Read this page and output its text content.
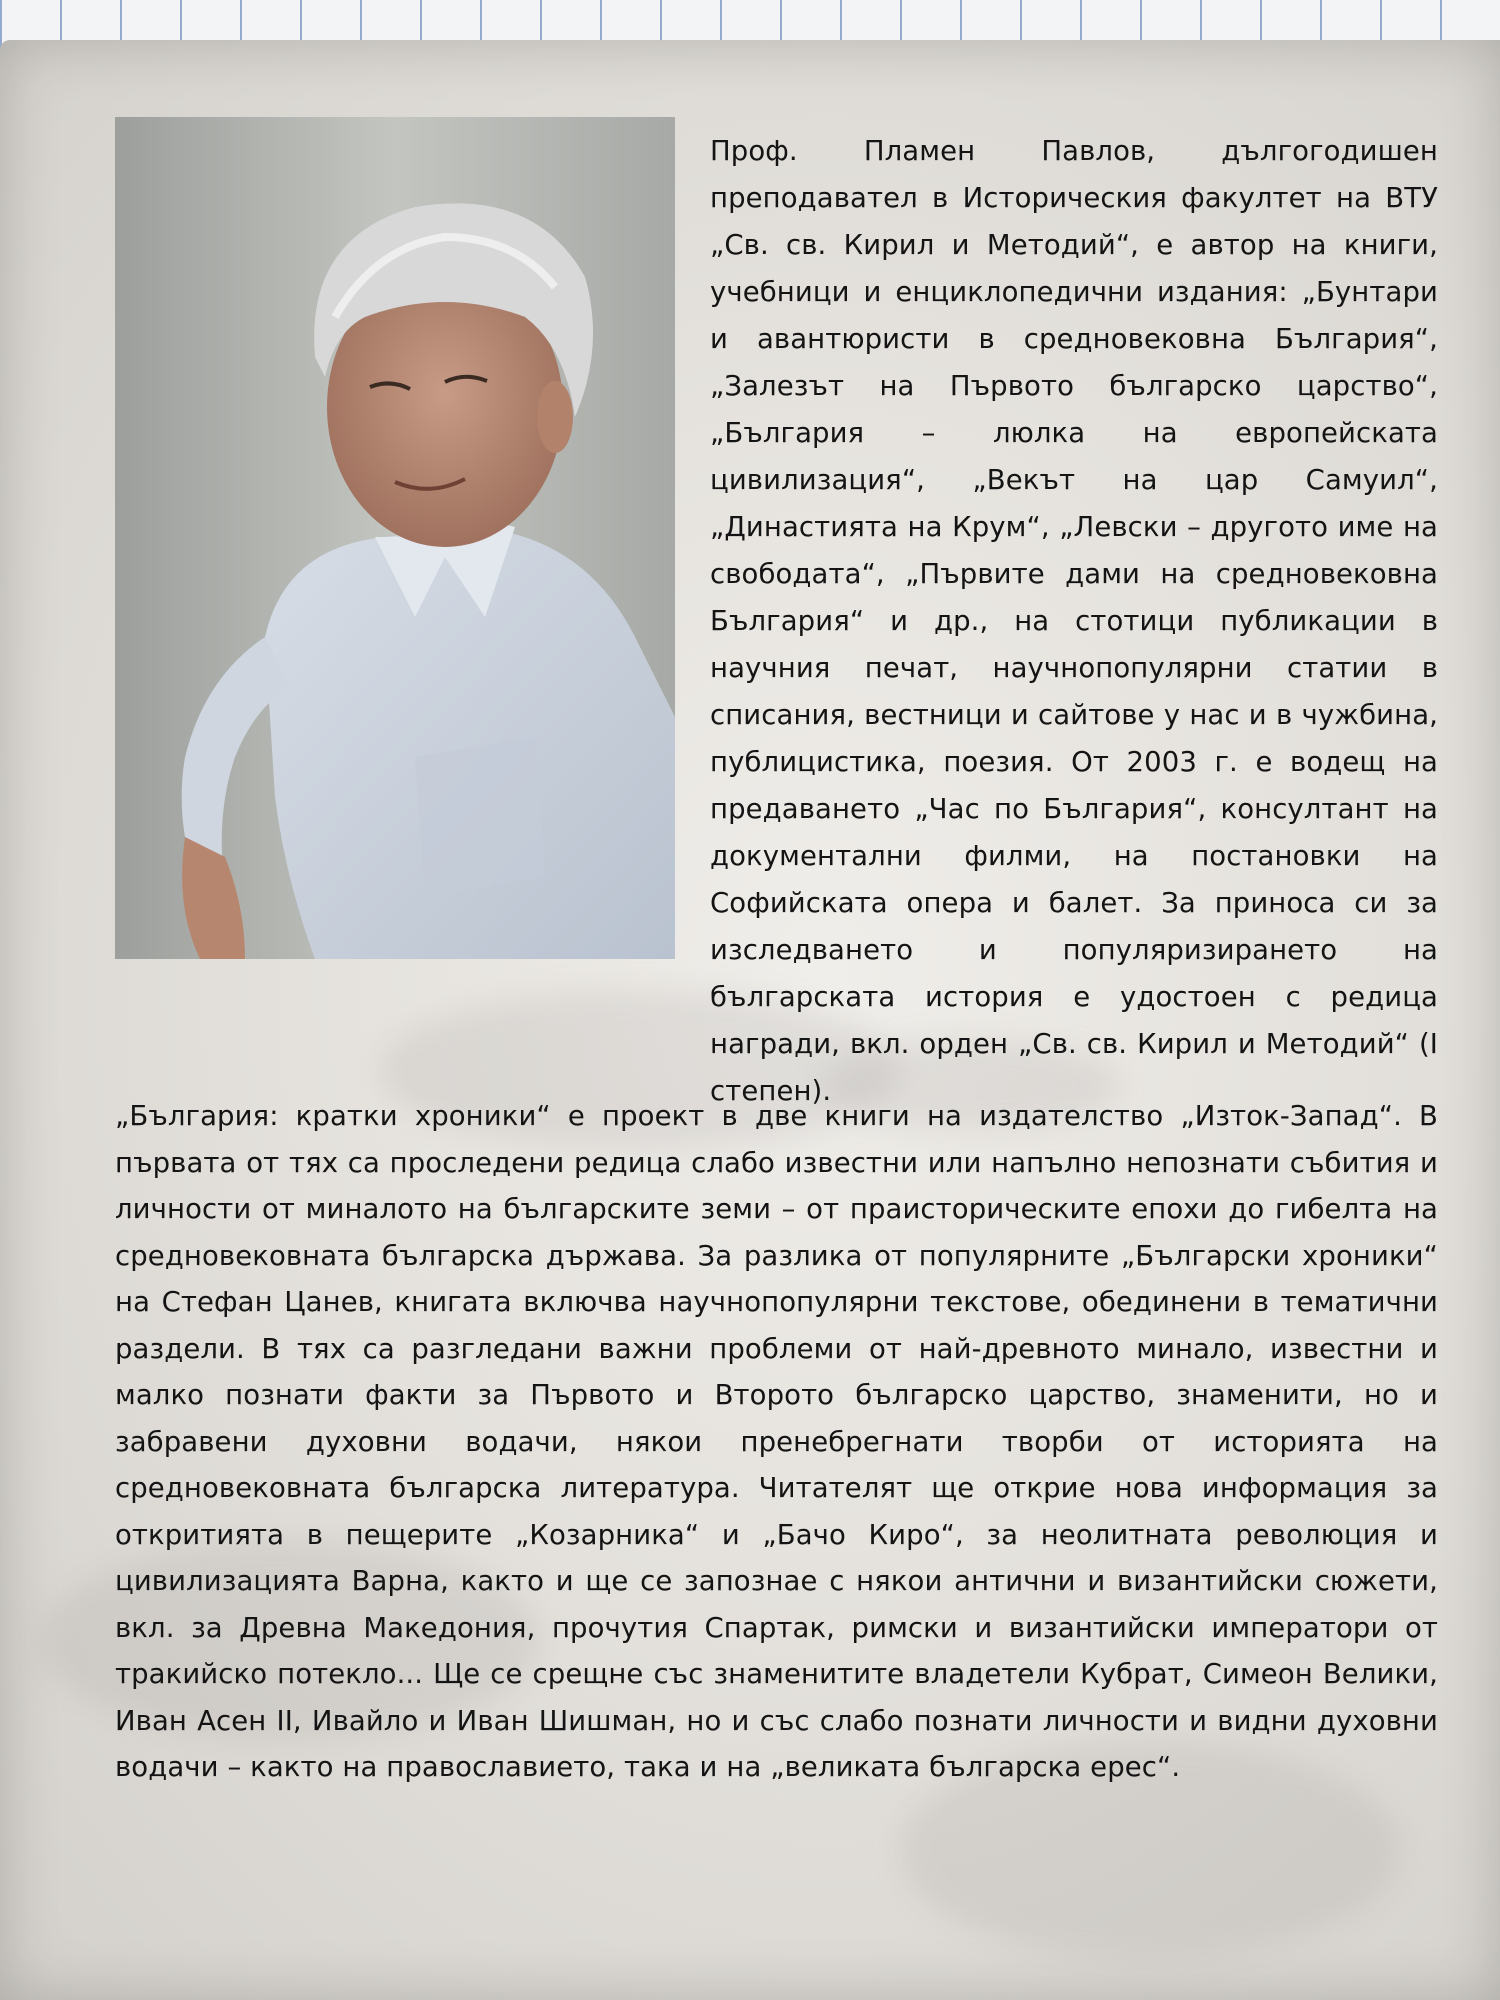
Проф. Пламен Павлов, дългогодишен преподавател в Историческия факултет на ВТУ „Св. св. Кирил и Методий“, е автор на книги, учебници и енциклопедични издания: „Бунтари и авантюристи в средновековна България“, „Залезът на Първото българско царство“, „България – люлка на европейската цивилизация“, „Векът на цар Самуил“, „Династията на Крум“, „Левски – другото име на свободата“, „Първите дами на средновековна България“ и др., на стотици публикации в научния печат, научнопопулярни статии в списания, вестници и сайтове у нас и в чужбина, публицистика, поезия. От 2003 г. е водещ на предаването „Час по България“, консултант на документални филми, на постановки на Софийската опера и балет. За приноса си за изследването и популяризирането на българската история е удостоен с редица награди, вкл. орден „Св. св. Кирил и Методий“ (I степен).

„България: кратки хроники“ е проект в две книги на издателство „Изток-Запад“. В първата от тях са проследени редица слабо известни или напълно непознати събития и личности от миналото на българските земи – от праисторическите епохи до гибелта на средновековната българска държава. За разлика от популярните „Български хроники“ на Стефан Цанев, книгата включва научнопопулярни текстове, обединени в тематични раздели. В тях са разгледани важни проблеми от най-древното минало, известни и малко познати факти за Първото и Второто българско царство, знаменити, но и забравени духовни водачи, някои пренебрегнати творби от историята на средновековната българска литература. Читателят ще открие нова информация за откритията в пещерите „Козарника“ и „Бачо Киро“, за неолитната революция и цивилизацията Варна, както и ще се запознае с някои антични и византийски сюжети, вкл. за Древна Македония, прочутия Спартак, римски и византийски императори от тракийско потекло... Ще се срещне със знаменитите владетели Кубрат, Симеон Велики, Иван Асен II, Ивайло и Иван Шишман, но и със слабо познати личности и видни духовни водачи – както на православието, така и на „великата българска ерес“.
